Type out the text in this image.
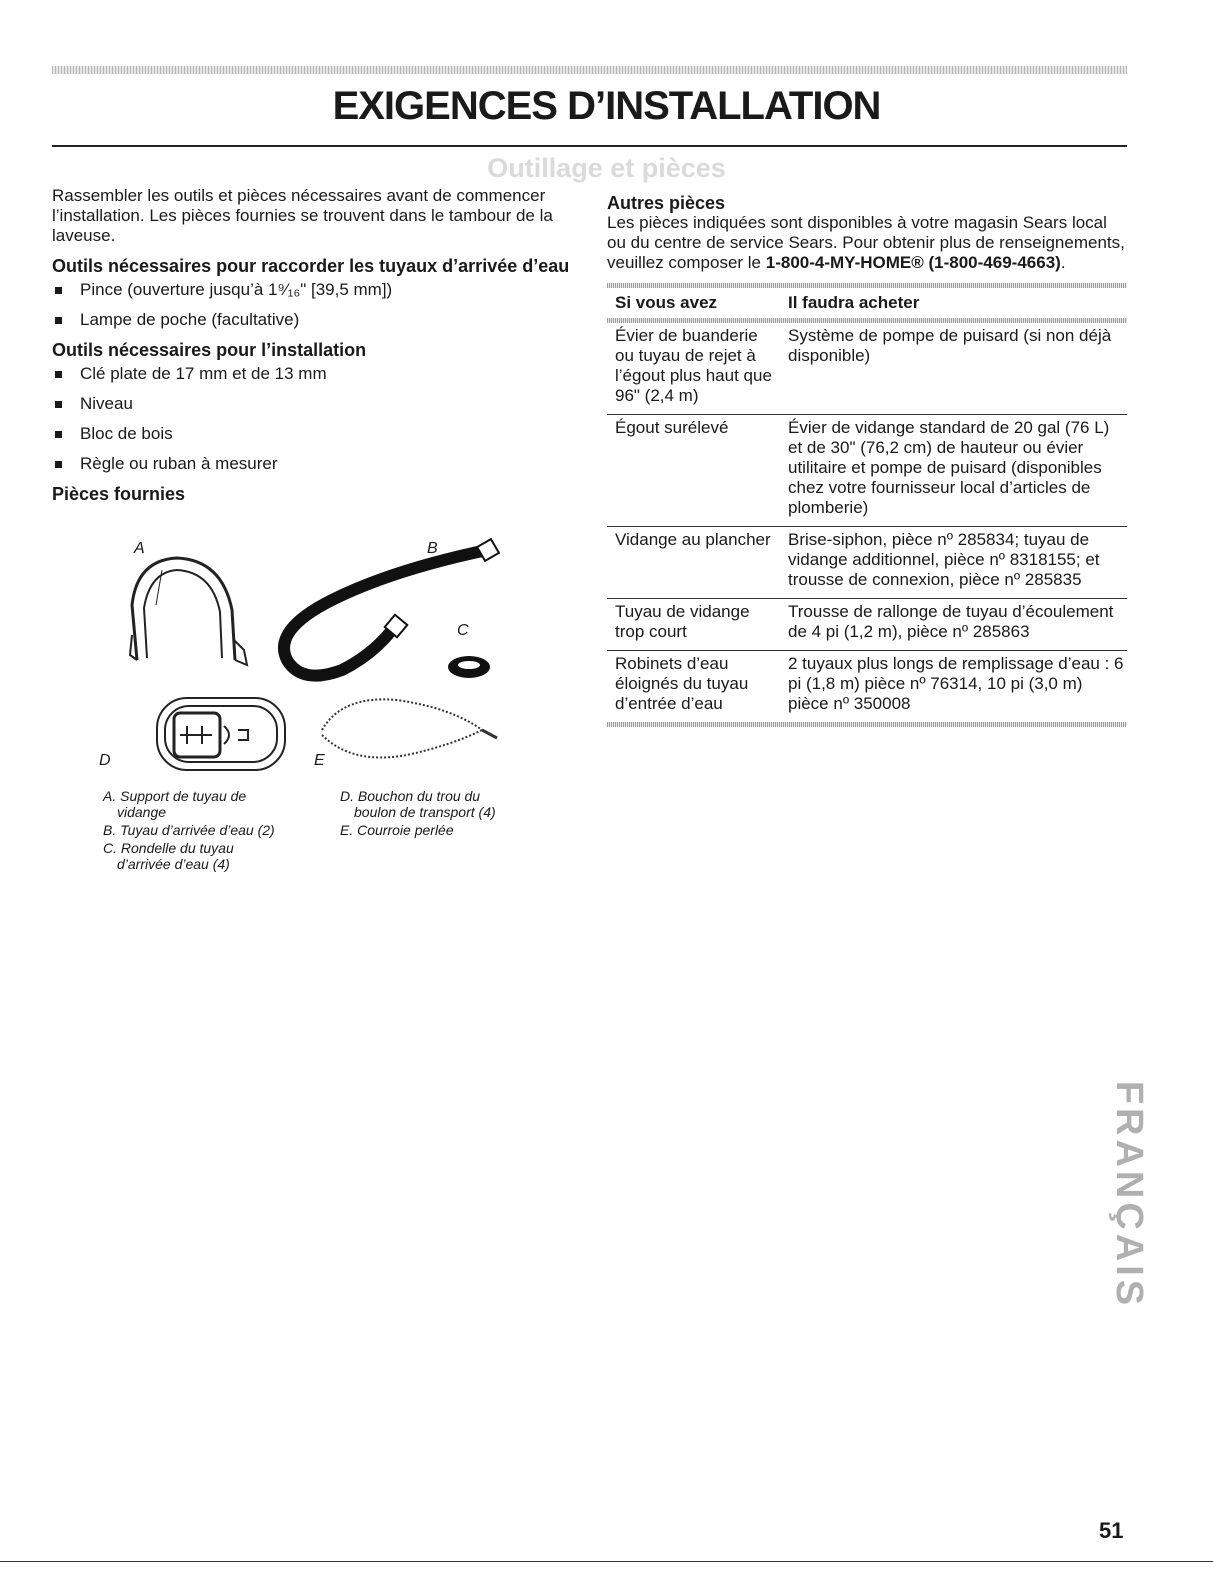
EXIGENCES D’INSTALLATION
Outillage et pièces

Rassembler les outils et pièces nécessaires avant de commencer l’installation. Les pièces fournies se trouvent dans le tambour de la laveuse.

Outils nécessaires pour raccorder les tuyaux d’arrivée d’eau

Pince (ouverture jusqu’à 1⁹⁄₁₆" [39,5 mm])
Lampe de poche (facultative)

Outils nécessaires pour l’installation

Clé plate de 17 mm et de 13 mm
Niveau
Bloc de bois
Règle ou ruban à mesurer

Pièces fournies

A	B
C
D	E
A. Support de tuyau de
vidange
B. Tuyau d’arrivée d’eau (2)
C. Rondelle du tuyau
d’arrivée d’eau (4)
D. Bouchon du trou du
boulon de transport (4)
E. Courroie perlée

Autres pièces

Les pièces indiquées sont disponibles à votre magasin Sears local ou du centre de service Sears. Pour obtenir plus de renseignements, veuillez composer le 1-800-4-MY-HOME® (1-800-469-4663).

Si vous avez	Il faudra acheter
Évier de buanderie ou tuyau de rejet à l’égout plus haut que 96" (2,4 m)	Système de pompe de puisard (si non déjà disponible)
Égout surélevé	Évier de vidange standard de 20 gal (76 L) et de 30" (76,2 cm) de hauteur ou évier utilitaire et pompe de puisard (disponibles chez votre fournisseur local d’articles de plomberie)
Vidange au plancher	Brise-siphon, pièce nº 285834; tuyau de vidange additionnel, pièce nº 8318155; et trousse de connexion, pièce nº 285835
Tuyau de vidange trop court	Trousse de rallonge de tuyau d’écoulement de 4 pi (1,2 m), pièce nº 285863
Robinets d’eau éloignés du tuyau d’entrée d’eau	2 tuyaux plus longs de remplissage d’eau : 6 pi (1,8 m) pièce nº 76314, 10 pi (3,0 m) pièce nº 350008
FRANÇAIS
51
